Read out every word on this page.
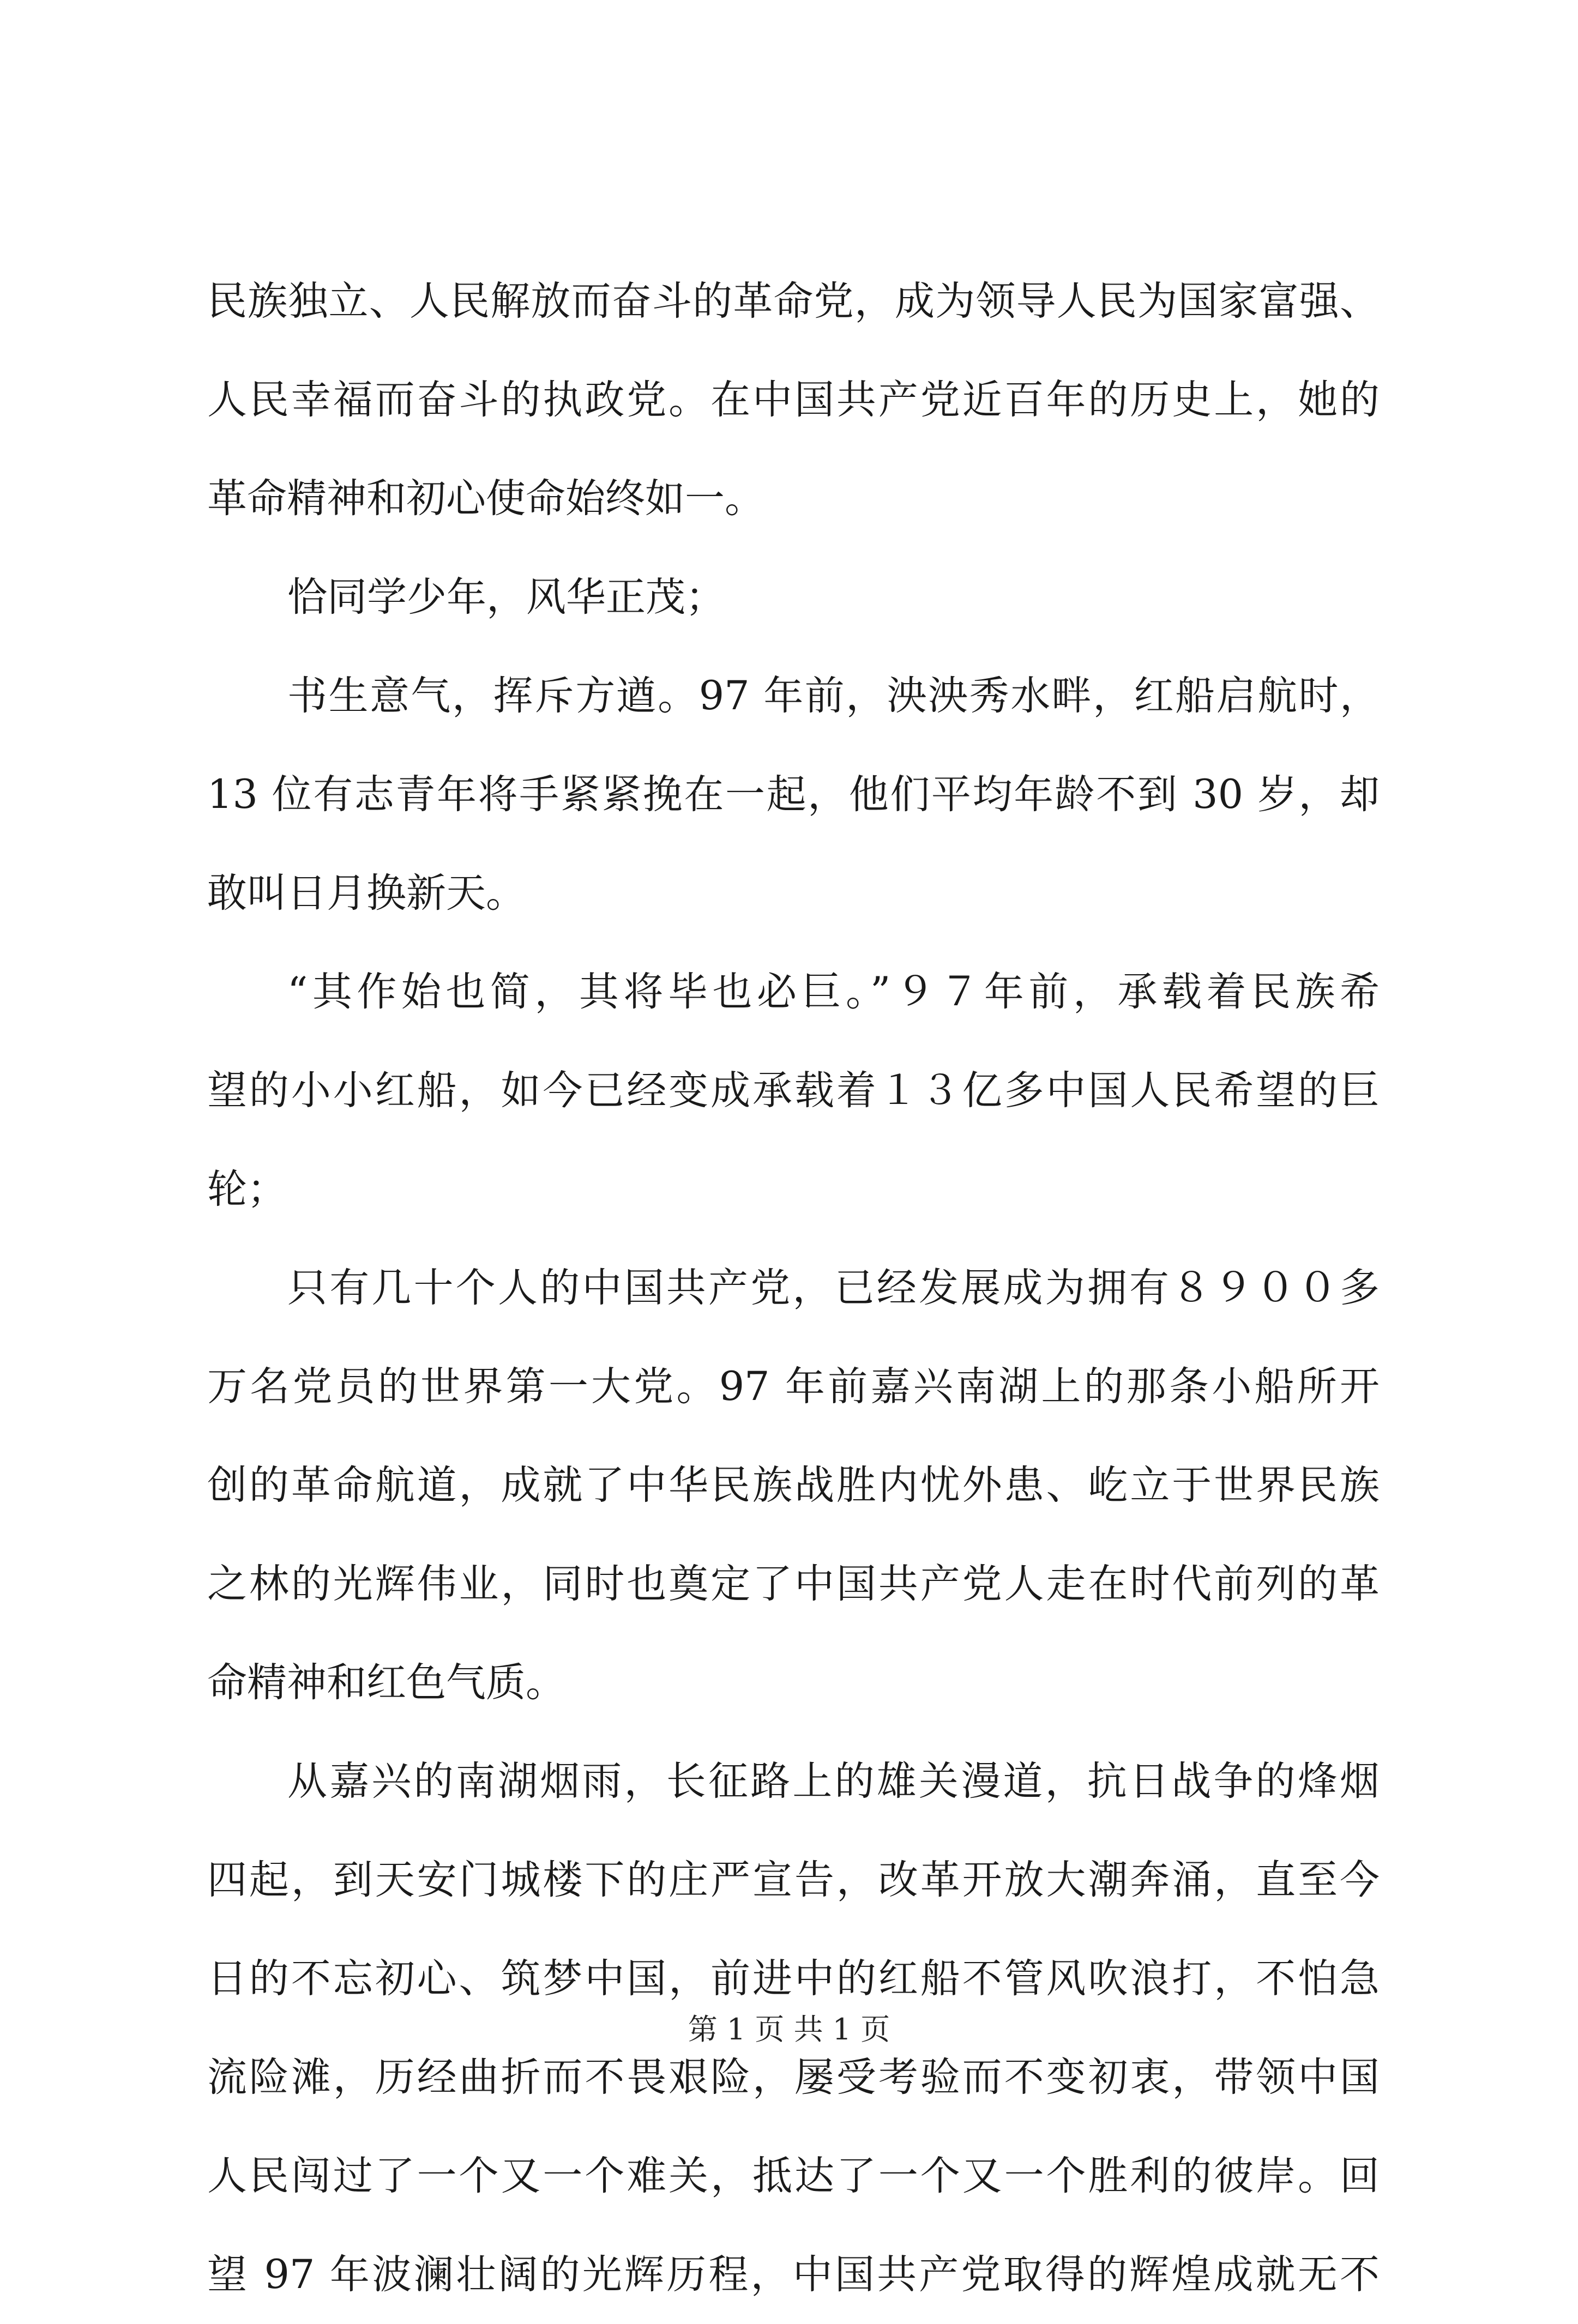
民族独立、人民解放而奋斗的革命党，成为领导人民为国家富强、
人民幸福而奋斗的执政党。在中国共产党近百年的历史上，她的
革命精神和初心使命始终如一。
恰同学少年，风华正茂；
书生意气，挥斥方遒。97 年前，泱泱秀水畔，红船启航时，
13 位有志青年将手紧紧挽在一起，他们平均年龄不到 30 岁，却
敢叫日月换新天。
“其作始也简，其将毕也必巨。”９７年前，承载着民族希
望的小小红船，如今已经变成承载着１３亿多中国人民希望的巨
轮；
只有几十个人的中国共产党，已经发展成为拥有８９００多
万名党员的世界第一大党。97 年前嘉兴南湖上的那条小船所开
创的革命航道，成就了中华民族战胜内忧外患、屹立于世界民族
之林的光辉伟业，同时也奠定了中国共产党人走在时代前列的革
命精神和红色气质。
从嘉兴的南湖烟雨，长征路上的雄关漫道，抗日战争的烽烟
四起，到天安门城楼下的庄严宣告，改革开放大潮奔涌，直至今
日的不忘初心、筑梦中国，前进中的红船不管风吹浪打，不怕急
流险滩，历经曲折而不畏艰险，屡受考验而不变初衷，带领中国
人民闯过了一个又一个难关，抵达了一个又一个胜利的彼岸。回
望 97 年波澜壮阔的光辉历程，中国共产党取得的辉煌成就无不
第 1 页 共 1 页
